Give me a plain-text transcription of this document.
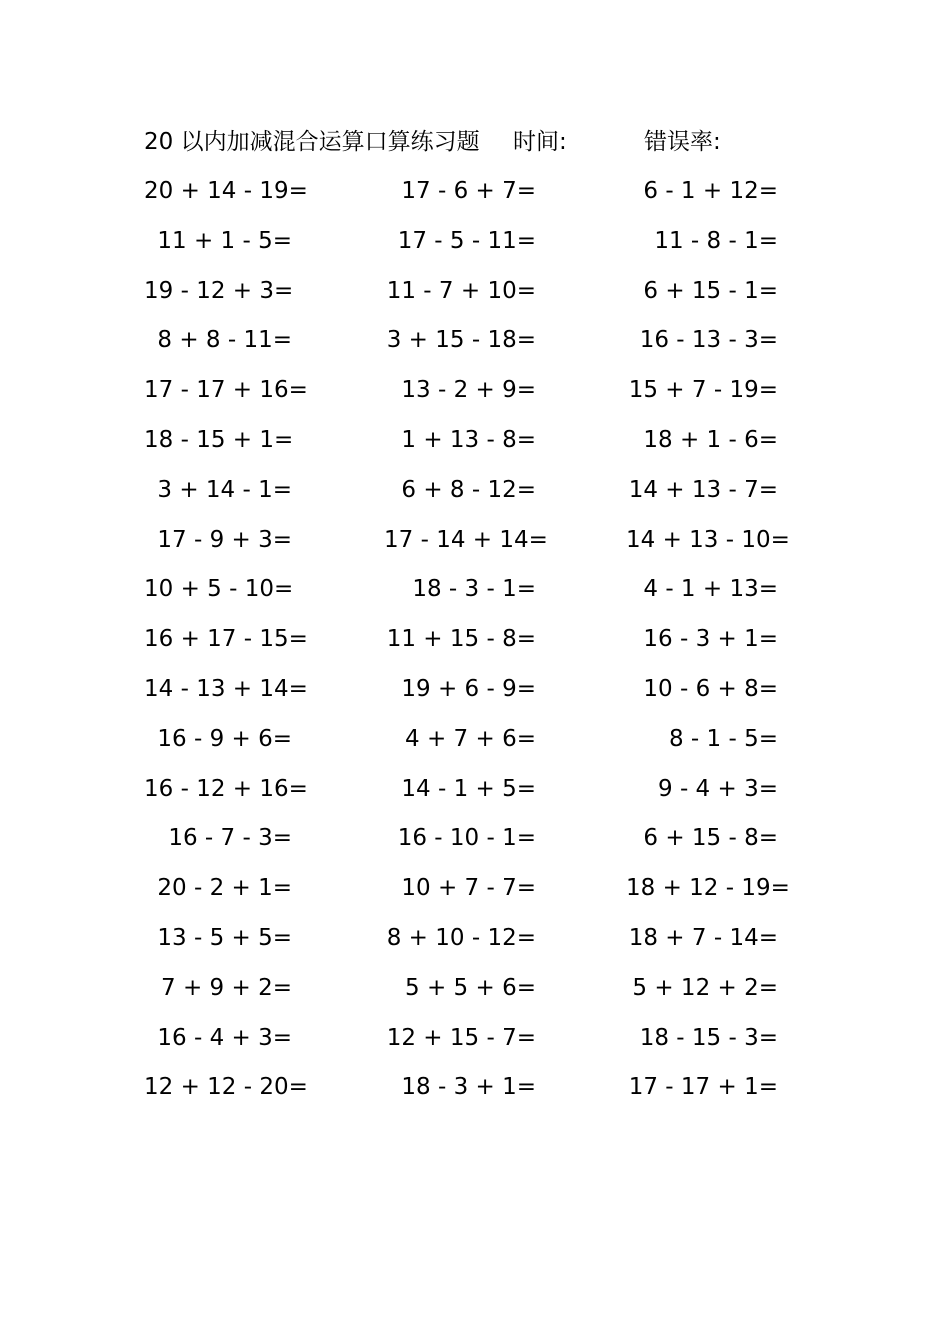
20 以内加减混合运算口算练习题 时间:	错误率:
20 + 14 - 19=	17 - 6 + 7=	6 - 1 + 12=
11 + 1 - 5=	17 - 5 - 11=	11 - 8 - 1=
19 - 12 + 3=	11 - 7 + 10=	6 + 15 - 1=
8 + 8 - 11=	3 + 15 - 18=	16 - 13 - 3=
17 - 17 + 16=	13 - 2 + 9=	15 + 7 - 19=
18 - 15 + 1=	1 + 13 - 8=	18 + 1 - 6=
3 + 14 - 1=	6 + 8 - 12=	14 + 13 - 7=
17 - 9 + 3=	17 - 14 + 14=	14 + 13 - 10=
10 + 5 - 10=	18 - 3 - 1=	4 - 1 + 13=
16 + 17 - 15=	11 + 15 - 8=	16 - 3 + 1=
14 - 13 + 14=	19 + 6 - 9=	10 - 6 + 8=
16 - 9 + 6=	4 + 7 + 6=	8 - 1 - 5=
16 - 12 + 16=	14 - 1 + 5=	9 - 4 + 3=
16 - 7 - 3=	16 - 10 - 1=	6 + 15 - 8=
20 - 2 + 1=	10 + 7 - 7=	18 + 12 - 19=
13 - 5 + 5=	8 + 10 - 12=	18 + 7 - 14=
7 + 9 + 2=	5 + 5 + 6=	5 + 12 + 2=
16 - 4 + 3=	12 + 15 - 7=	18 - 15 - 3=
12 + 12 - 20=	18 - 3 + 1=	17 - 17 + 1=
